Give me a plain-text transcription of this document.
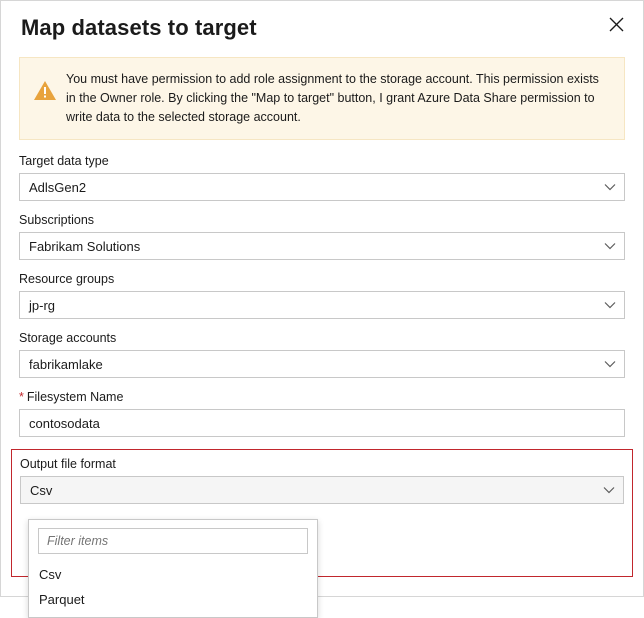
Map datasets to target
You must have permission to add role assignment to the storage account. This permission exists in the Owner role. By clicking the "Map to target" button, I grant Azure Data Share permission to write data to the selected storage account.
Target data type
AdlsGen2
Subscriptions
Fabrikam Solutions
Resource groups
jp-rg
Storage accounts
fabrikamlake
* Filesystem Name
contosodata
Output file format
Csv
Filter items
Csv
Parquet
